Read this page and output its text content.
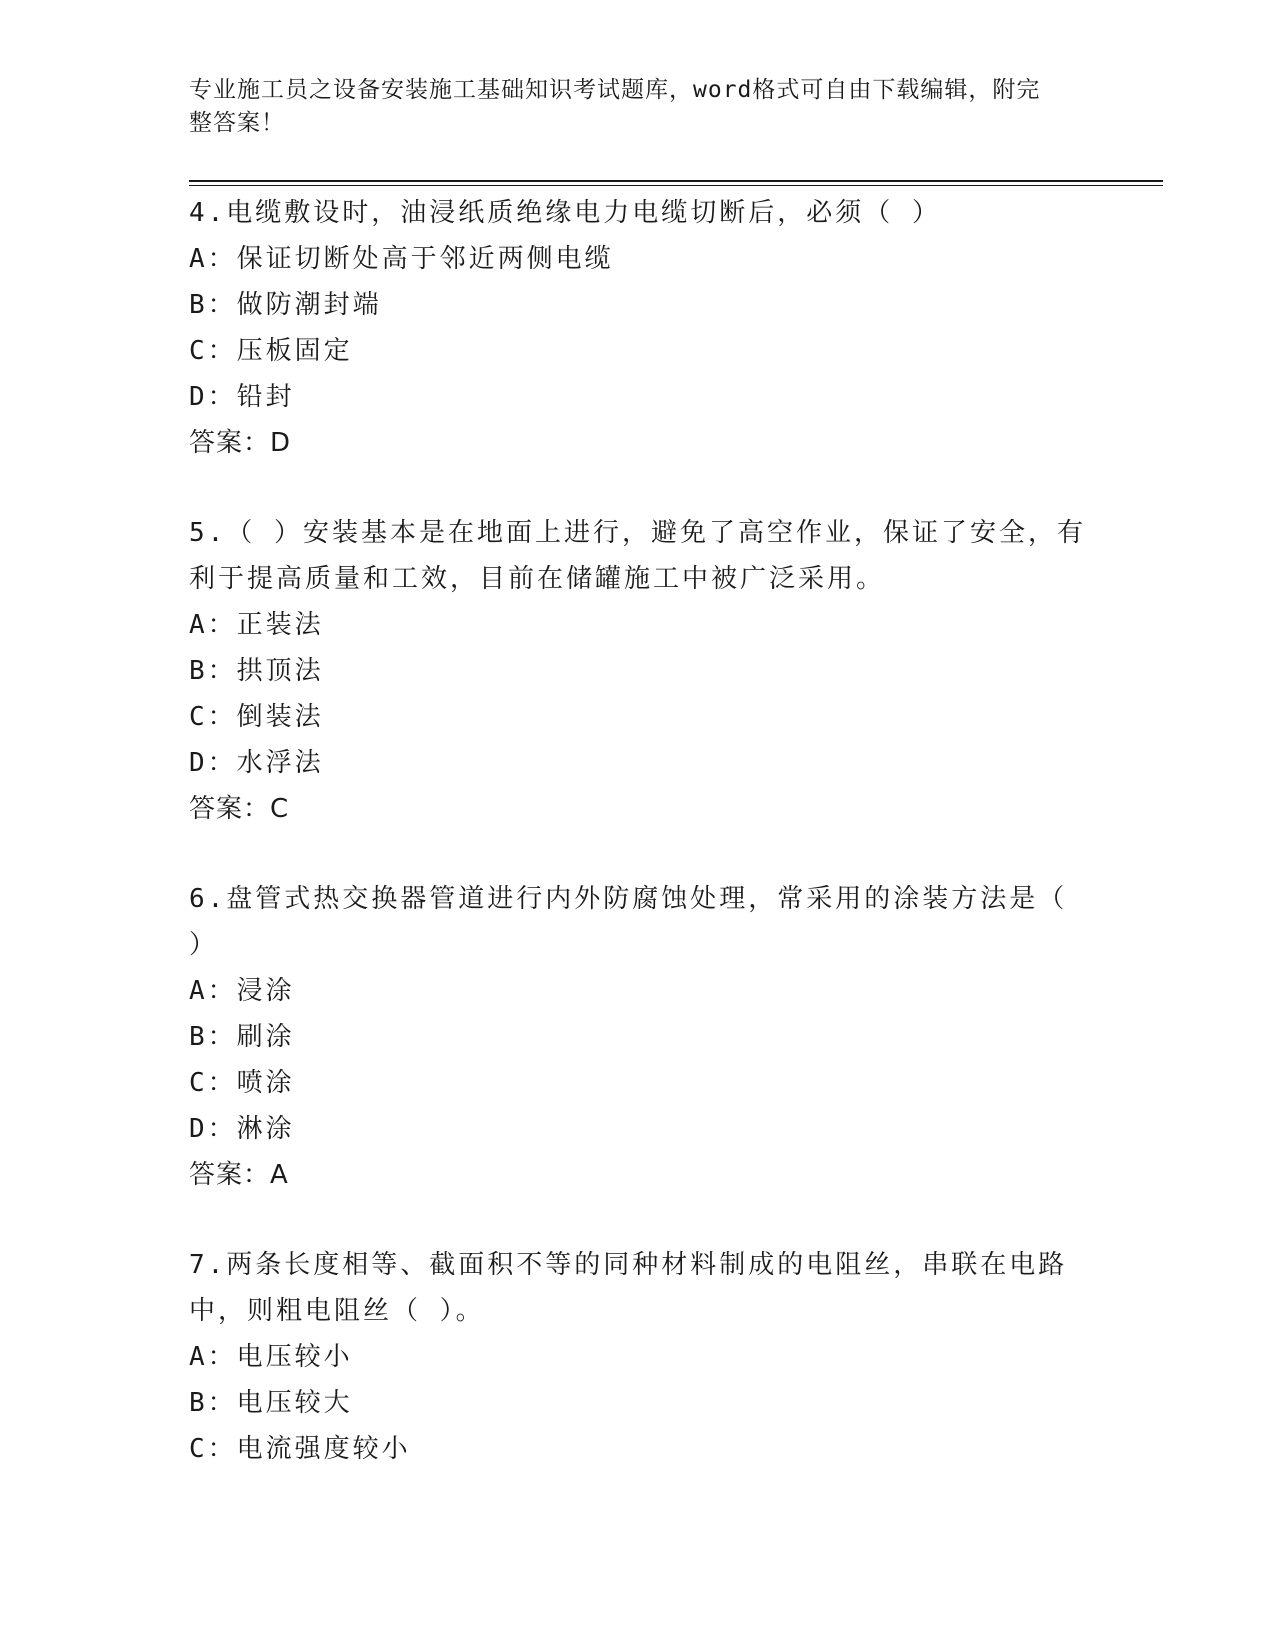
专业施工员之设备安装施工基础知识考试题库，word格式可自由下载编辑，附完
整答案！
4.电缆敷设时，油浸纸质绝缘电力电缆切断后，必须（ ）
A：保证切断处高于邻近两侧电缆
B：做防潮封端
C：压板固定
D：铅封
答案：D
5.（ ）安装基本是在地面上进行，避免了高空作业，保证了安全，有
利于提高质量和工效，目前在储罐施工中被广泛采用。
A：正装法
B：拱顶法
C：倒装法
D：水浮法
答案：C
6.盘管式热交换器管道进行内外防腐蚀处理，常采用的涂装方法是（
）
A：浸涂
B：刷涂
C：喷涂
D：淋涂
答案：A
7.两条长度相等、截面积不等的同种材料制成的电阻丝，串联在电路
中，则粗电阻丝（ ）。
A：电压较小
B：电压较大
C：电流强度较小
